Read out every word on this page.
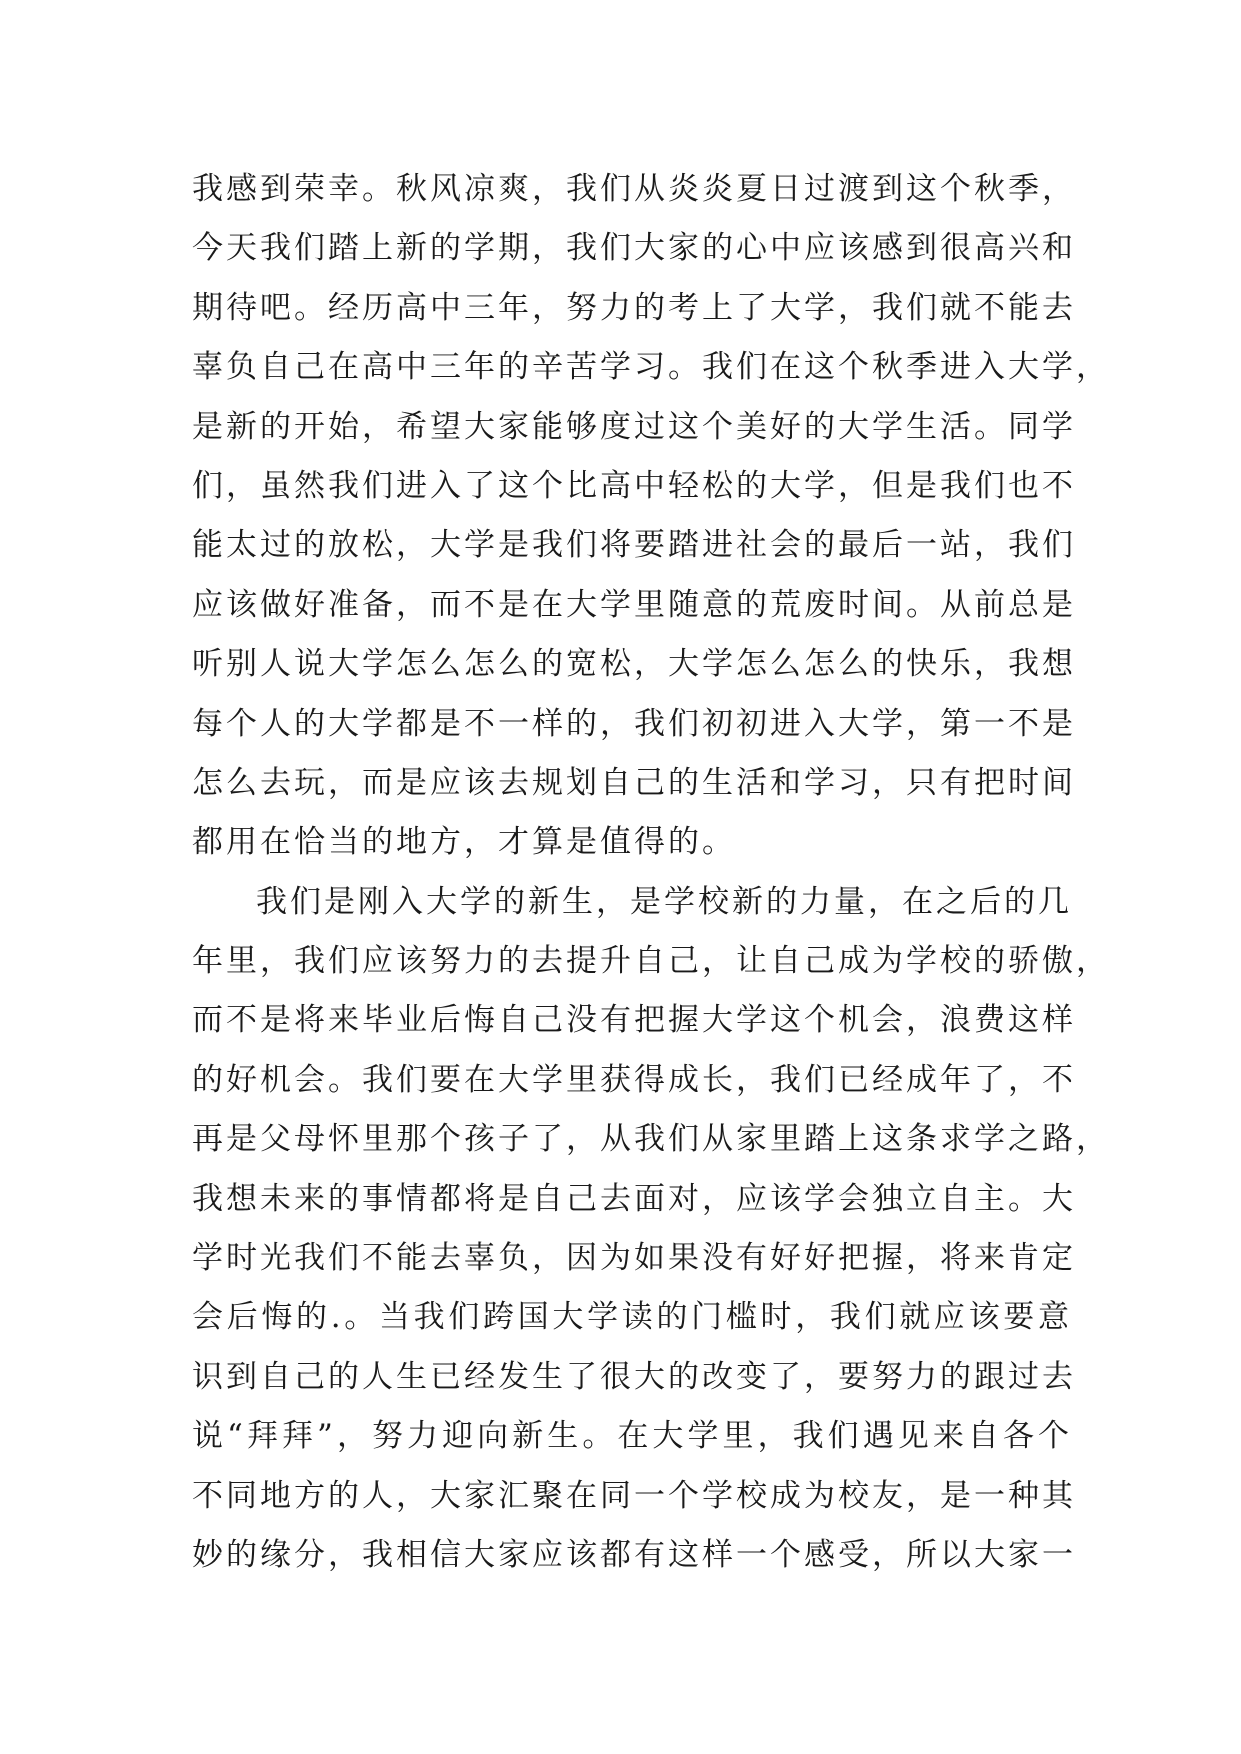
我感到荣幸。秋风凉爽，我们从炎炎夏日过渡到这个秋季，
今天我们踏上新的学期，我们大家的心中应该感到很高兴和
期待吧。经历高中三年，努力的考上了大学，我们就不能去
辜负自己在高中三年的辛苦学习。我们在这个秋季进入大学，
是新的开始，希望大家能够度过这个美好的大学生活。同学
们，虽然我们进入了这个比高中轻松的大学，但是我们也不
能太过的放松，大学是我们将要踏进社会的最后一站，我们
应该做好准备，而不是在大学里随意的荒废时间。从前总是
听别人说大学怎么怎么的宽松，大学怎么怎么的快乐，我想
每个人的大学都是不一样的，我们初初进入大学，第一不是
怎么去玩，而是应该去规划自己的生活和学习，只有把时间
都用在恰当的地方，才算是值得的。
我们是刚入大学的新生，是学校新的力量，在之后的几
年里，我们应该努力的去提升自己，让自己成为学校的骄傲，
而不是将来毕业后悔自己没有把握大学这个机会，浪费这样
的好机会。我们要在大学里获得成长，我们已经成年了，不
再是父母怀里那个孩子了，从我们从家里踏上这条求学之路，
我想未来的事情都将是自己去面对，应该学会独立自主。大
学时光我们不能去辜负，因为如果没有好好把握，将来肯定
会后悔的.。当我们跨国大学读的门槛时，我们就应该要意
识到自己的人生已经发生了很大的改变了，要努力的跟过去
说“拜拜”，努力迎向新生。在大学里，我们遇见来自各个
不同地方的人，大家汇聚在同一个学校成为校友，是一种其
妙的缘分，我相信大家应该都有这样一个感受，所以大家一
